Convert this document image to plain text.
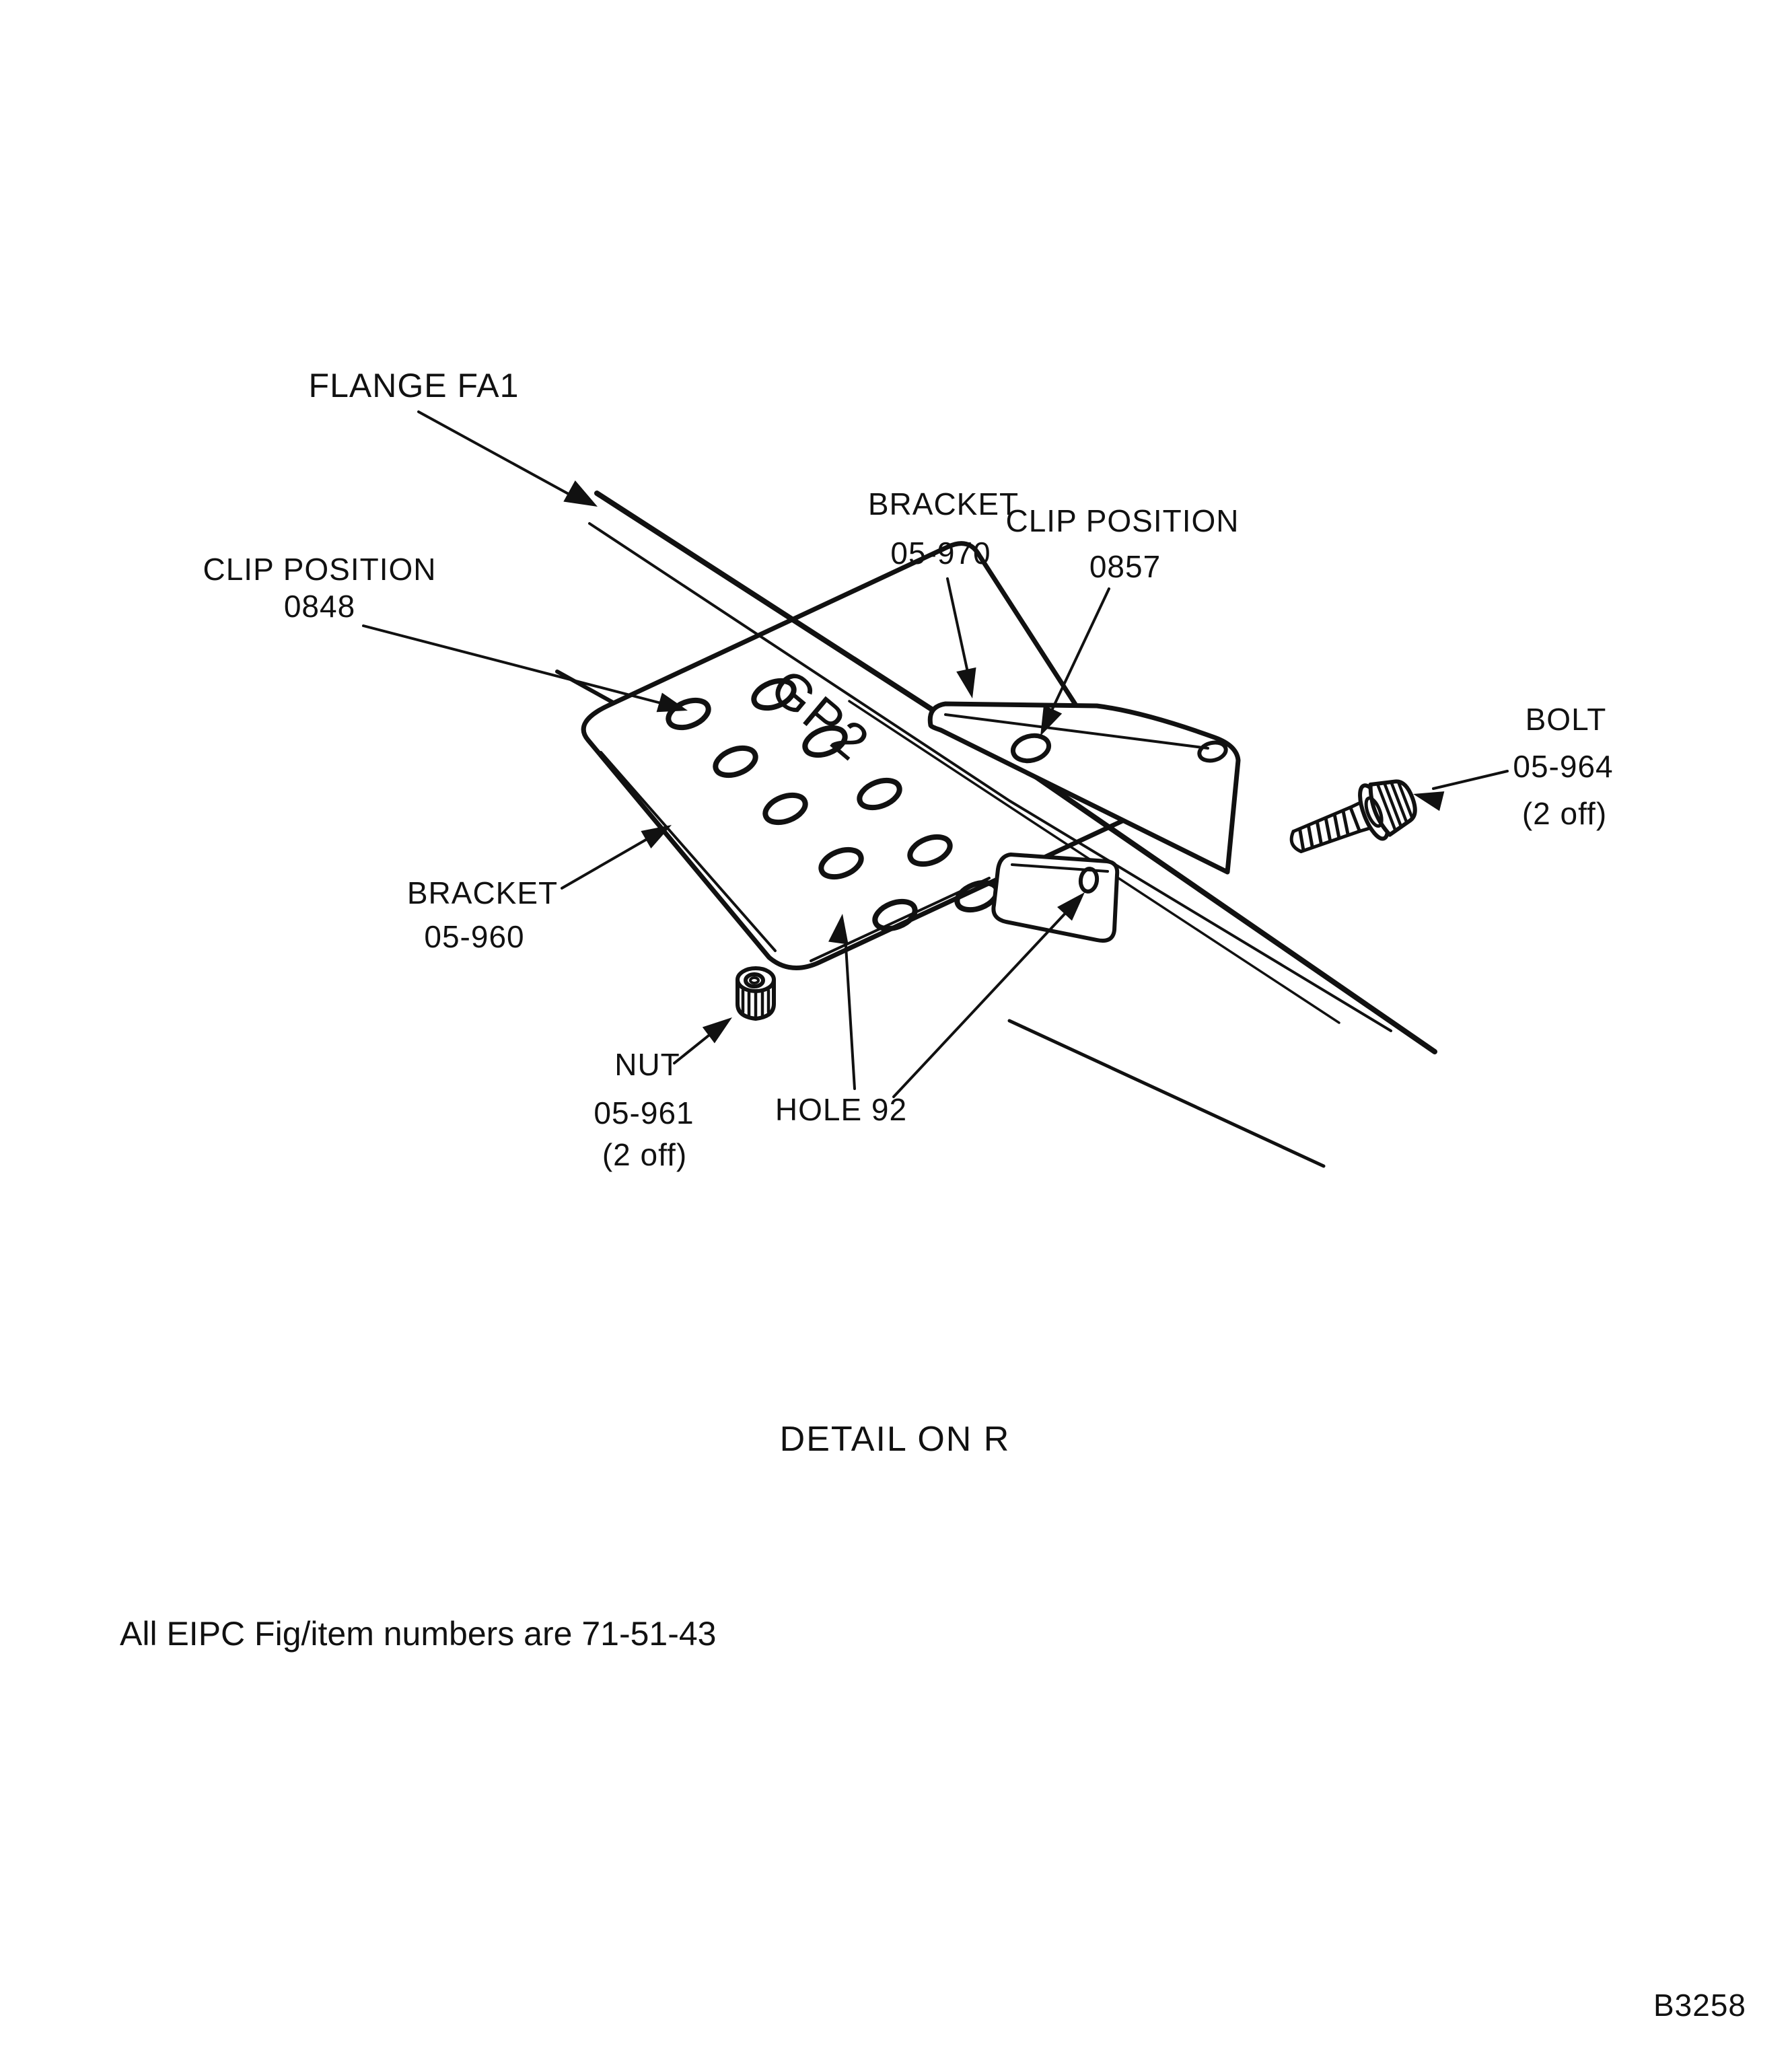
GP2
FLANGE FA1
CLIP POSITION
0848
BRACKET
05-970
CLIP POSITION
0857
BOLT
05-964
(2 off)
BRACKET
05-960
NUT
05-961
(2 off)
HOLE 92
DETAIL ON R
B3258
All EIPC Fig/item numbers are 71-51-43
